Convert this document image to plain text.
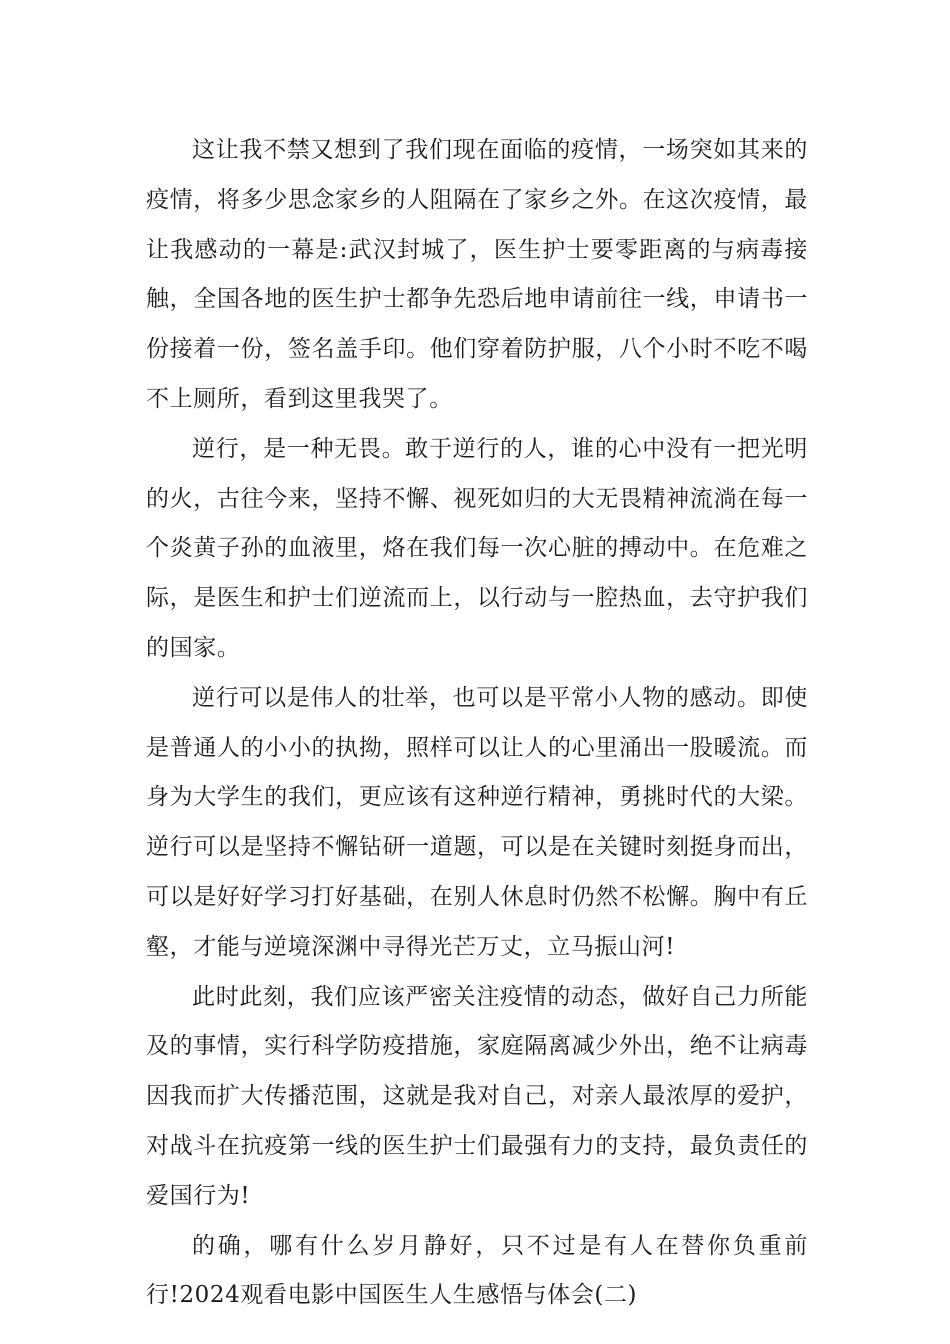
这让我不禁又想到了我们现在面临的疫情，一场突如其来的疫情，将多少思念家乡的人阻隔在了家乡之外。在这次疫情，最让我感动的一幕是:武汉封城了，医生护士要零距离的与病毒接触，全国各地的医生护士都争先恐后地申请前往一线，申请书一份接着一份，签名盖手印。他们穿着防护服，八个小时不吃不喝不上厕所，看到这里我哭了。

逆行，是一种无畏。敢于逆行的人，谁的心中没有一把光明的火，古往今来，坚持不懈、视死如归的大无畏精神流淌在每一个炎黄子孙的血液里，烙在我们每一次心脏的搏动中。在危难之际，是医生和护士们逆流而上，以行动与一腔热血，去守护我们的国家。

逆行可以是伟人的壮举，也可以是平常小人物的感动。即使是普通人的小小的执拗，照样可以让人的心里涌出一股暖流。而身为大学生的我们，更应该有这种逆行精神，勇挑时代的大梁。逆行可以是坚持不懈钻研一道题，可以是在关键时刻挺身而出，可以是好好学习打好基础，在别人休息时仍然不松懈。胸中有丘壑，才能与逆境深渊中寻得光芒万丈，立马振山河!

此时此刻，我们应该严密关注疫情的动态，做好自己力所能及的事情，实行科学防疫措施，家庭隔离减少外出，绝不让病毒因我而扩大传播范围，这就是我对自己，对亲人最浓厚的爱护，对战斗在抗疫第一线的医生护士们最强有力的支持，最负责任的爱国行为!

的确，哪有什么岁月静好，只不过是有人在替你负重前行!2024观看电影中国医生人生感悟与体会(二)
